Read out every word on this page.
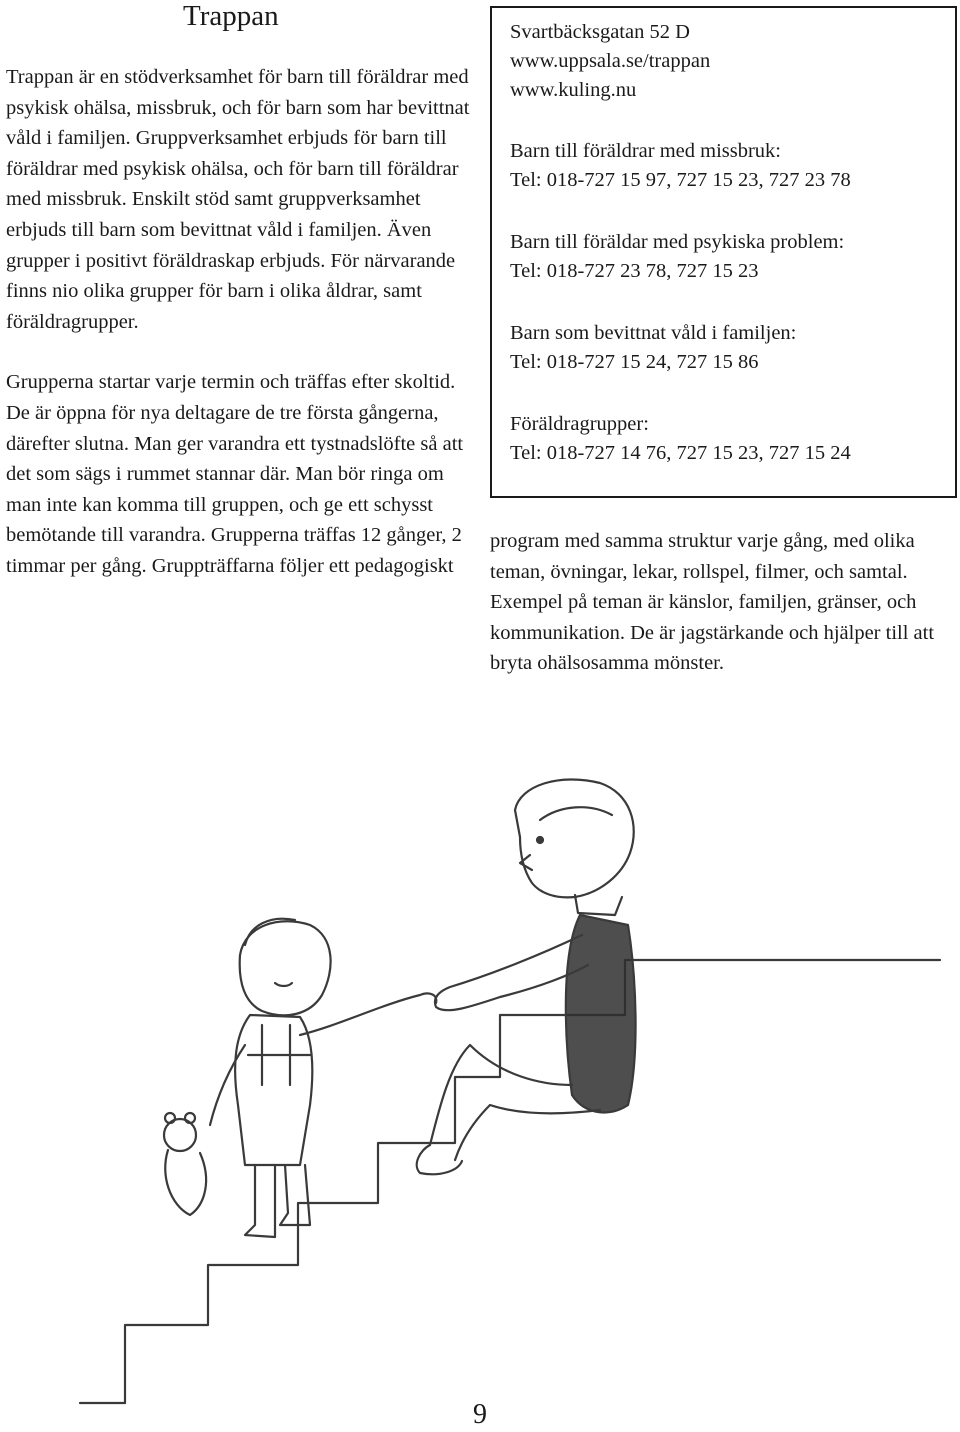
Trappan

Trappan är en stödverksamhet för barn till föräldrar med psykisk ohälsa, missbruk, och för barn som har bevittnat våld i familjen. Gruppverksamhet erbjuds för barn till föräldrar med psykisk ohälsa, och för barn till föräldrar med missbruk. Enskilt stöd samt gruppverksamhet erbjuds till barn som bevittnat våld i familjen. Även grupper i positivt föräldraskap erbjuds. För närvarande finns nio olika grupper för barn i olika åldrar, samt föräldragrupper.

Grupperna startar varje termin och träffas efter skoltid. De är öppna för nya deltagare de tre första gångerna, därefter slutna. Man ger varandra ett tystnadslöfte så att det som sägs i rummet stannar där. Man bör ringa om man inte kan komma till gruppen, och ge ett schysst bemötande till varandra. Grupperna träffas 12 gånger, 2 timmar per gång. Gruppträffarna följer ett pedagogiskt

Svartbäcksgatan 52 D
www.uppsala.se/trappan
www.kuling.nu
Barn till föräldrar med missbruk:
Tel: 018-727 15 97, 727 15 23, 727 23 78
Barn till föräldar med psykiska problem:
Tel: 018-727 23 78, 727 15 23
Barn som bevittnat våld i familjen:
Tel: 018-727 15 24, 727 15 86
Föräldragrupper:
Tel: 018-727 14 76, 727 15 23, 727 15 24

program med samma struktur varje gång, med olika teman, övningar, lekar, rollspel, filmer, och samtal. Exempel på teman är känslor, familjen, gränser, och kommunikation. De är jagstärkande och hjälper till att bryta ohälsosamma mönster.

9
